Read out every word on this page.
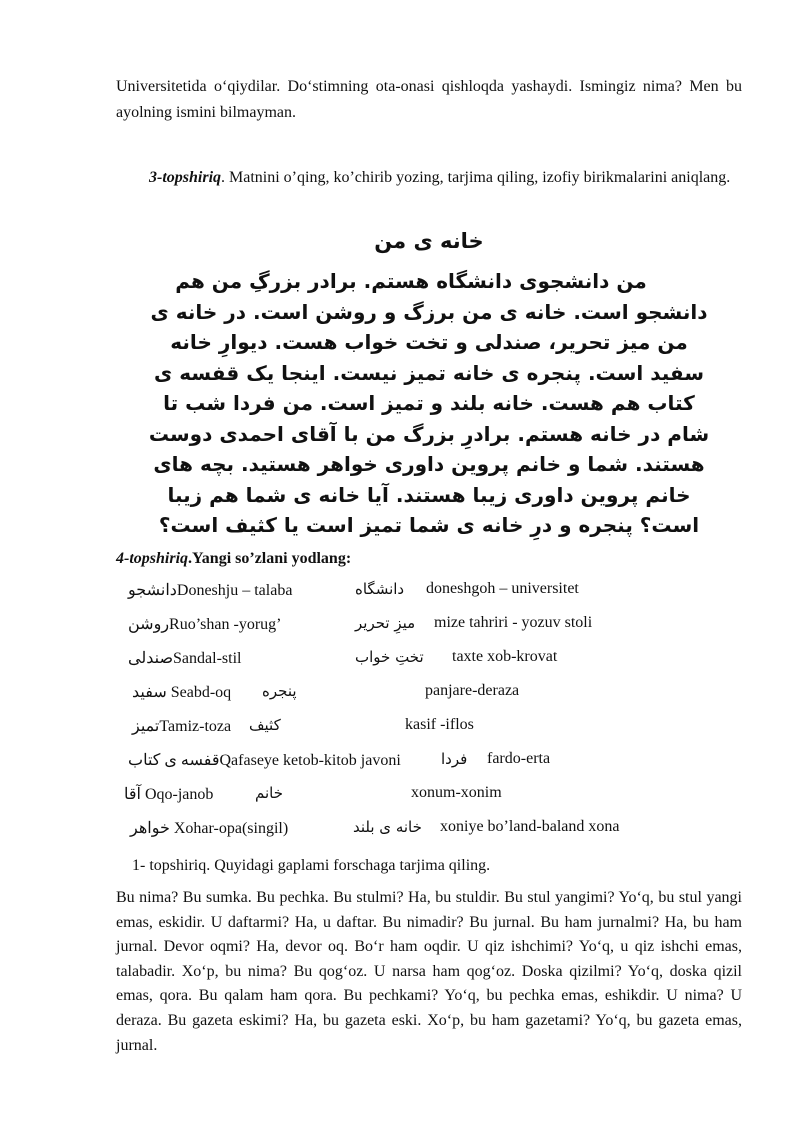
Universitetida o‘qiydilar. Do‘stimning ota-onasi qishloqda yashaydi. Ismingiz nima? Men bu ayolning ismini bilmayman.

3-topshiriq. Matnini o’qing, ko’chirib yozing, tarjima qiling, izofiy birikmalarini aniqlang.

خانه ی من
من دانشجوی دانشگاه هستم. برادر بزرگِ من هم
دانشجو است. خانه ی من برزگ و روشن است. در خانه ی
من میز تحریر، صندلی و تخت خواب هست. دیوارِ خانه
سفید است. پنجره ی خانه تمیز نیست. اینجا یک قفسه ی
کتاب هم هست. خانه بلند و تمیز است. من فردا شب تا
شام در خانه هستم. برادرِ بزرگ من با آقای احمدی دوست
هستند. شما و خانم پروین داوری خواهر هستید. بچه های
خانم پروین داوری زیبا هستند. آیا خانه ی شما هم زیبا
است؟ پنجره و درِ خانه ی شما تمیز است یا کثیف است؟
4-topshiriq.Yangi so’zlani yodlang:
دانشجوDoneshju – talaba	دانشگاه doneshgoh – universitet
روشنRuo’shan -yorug’	میزِ تحریر mize tahriri - yozuv stoli
صندلیSandal-stil	تختِ خواب taxte xob-krovat
سفید Seabd-oq پنجره	panjare-deraza
تمیزTamiz-toza کثیف	kasif -iflos
قفسه ی کتابQafaseye ketob-kitob javoni	فردا fardo-erta
آقا Oqo-janob	خانم	xonum-xonim
خواهر Xohar-opa(singil)	خانه ی بلند xoniye bo’land-baland xona
1- topshiriq. Quyidagi gaplami forschaga tarjima qiling.

Bu nima? Bu sumka. Bu pechka. Bu stulmi? Ha, bu stuldir. Bu stul yangimi? Yo‘q, bu stul yangi emas, eskidir. U daftarmi? Ha, u daftar. Bu nimadir? Bu jurnal. Bu ham jurnalmi? Ha, bu ham jurnal. Devor oqmi? Ha, devor oq. Bo‘r ham oqdir. U qiz ishchimi? Yo‘q, u qiz ishchi emas, talabadir. Xo‘p, bu nima? Bu qog‘oz. U narsa ham qog‘oz. Doska qizilmi? Yo‘q, doska qizil emas, qora. Bu qalam ham qora. Bu pechkami? Yo‘q, bu pechka emas, eshikdir. U nima? U deraza. Bu gazeta eskimi? Ha, bu gazeta eski. Xo‘p, bu ham gazetami? Yo‘q, bu gazeta emas, jurnal.
